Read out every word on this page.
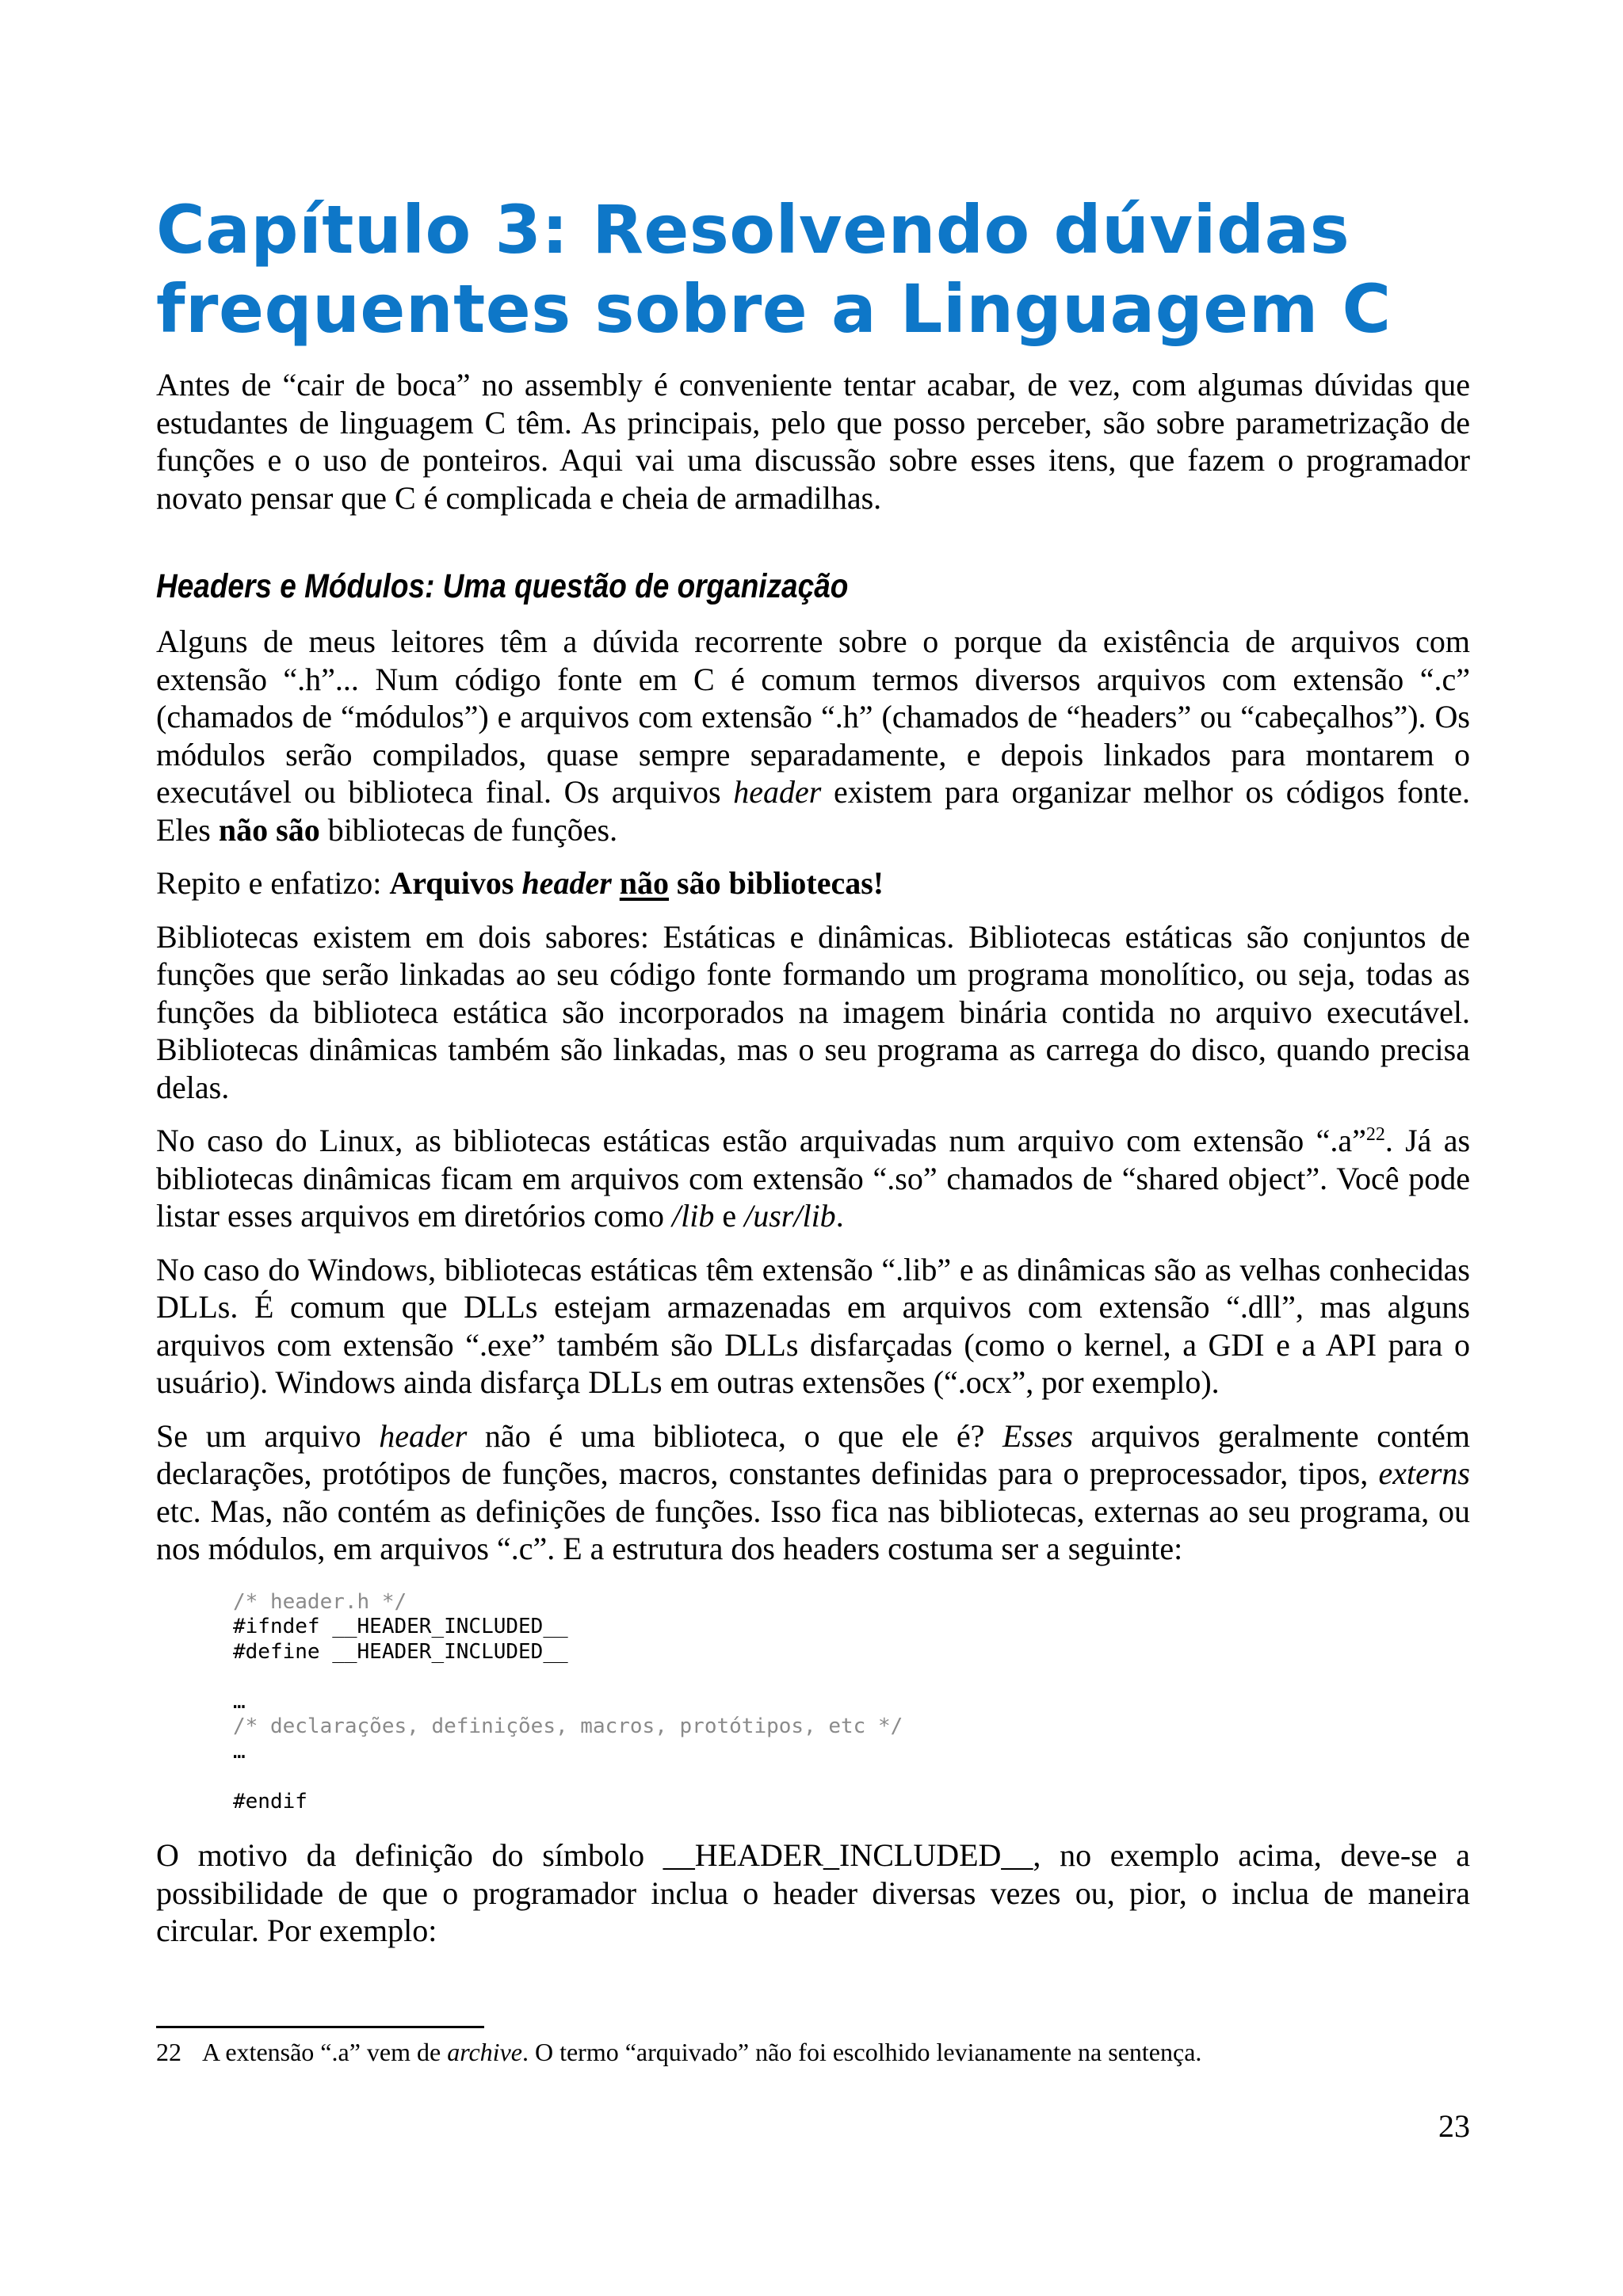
Capítulo 3: Resolvendo dúvidas frequentes sobre a Linguagem C

Antes de “cair de boca” no assembly é conveniente tentar acabar, de vez, com algumas dúvidas que estudantes de linguagem C têm. As principais, pelo que posso perceber, são sobre parametrização de funções e o uso de ponteiros. Aqui vai uma discussão sobre esses itens, que fazem o programador novato pensar que C é complicada e cheia de armadilhas.

Headers e Módulos: Uma questão de organização

Alguns de meus leitores têm a dúvida recorrente sobre o porque da existência de arquivos com extensão “.h”... Num código fonte em C é comum termos diversos arquivos com extensão “.c” (chamados de “módulos”) e arquivos com extensão “.h” (chamados de “headers” ou “cabeçalhos”). Os módulos serão compilados, quase sempre separadamente, e depois linkados para montarem o executável ou biblioteca final. Os arquivos header existem para organizar melhor os códigos fonte. Eles não são bibliotecas de funções.

Repito e enfatizo: Arquivos header não são bibliotecas!

Bibliotecas existem em dois sabores: Estáticas e dinâmicas. Bibliotecas estáticas são conjuntos de funções que serão linkadas ao seu código fonte formando um programa monolítico, ou seja, todas as funções da biblioteca estática são incorporados na imagem binária contida no arquivo executável. Bibliotecas dinâmicas também são linkadas, mas o seu programa as carrega do disco, quando precisa delas.

No caso do Linux, as bibliotecas estáticas estão arquivadas num arquivo com extensão “.a”$^{22}$. Já as bibliotecas dinâmicas ficam em arquivos com extensão “.so” chamados de “shared object”. Você pode listar esses arquivos em diretórios como /lib e /usr/lib.

No caso do Windows, bibliotecas estáticas têm extensão “.lib” e as dinâmicas são as velhas conhecidas DLLs. É comum que DLLs estejam armazenadas em arquivos com extensão “.dll”, mas alguns arquivos com extensão “.exe” também são DLLs disfarçadas (como o kernel, a GDI e a API para o usuário). Windows ainda disfarça DLLs em outras extensões (“.ocx”, por exemplo).

Se um arquivo header não é uma biblioteca, o que ele é? Esses arquivos geralmente contém declarações, protótipos de funções, macros, constantes definidas para o preprocessador, tipos, externs etc. Mas, não contém as definições de funções. Isso fica nas bibliotecas, externas ao seu programa, ou nos módulos, em arquivos “.c”. E a estrutura dos headers costuma ser a seguinte:

/* header.h */
#ifndef __HEADER_INCLUDED__
#define __HEADER_INCLUDED__
…
/* declarações, definições, macros, protótipos, etc */
…
#endif

O motivo da definição do símbolo __HEADER_INCLUDED__, no exemplo acima, deve-se a possibilidade de que o programador inclua o header diversas vezes ou, pior, o inclua de maneira circular. Por exemplo:

22 A extensão “.a” vem de archive. O termo “arquivado” não foi escolhido levianamente na sentença.
23
